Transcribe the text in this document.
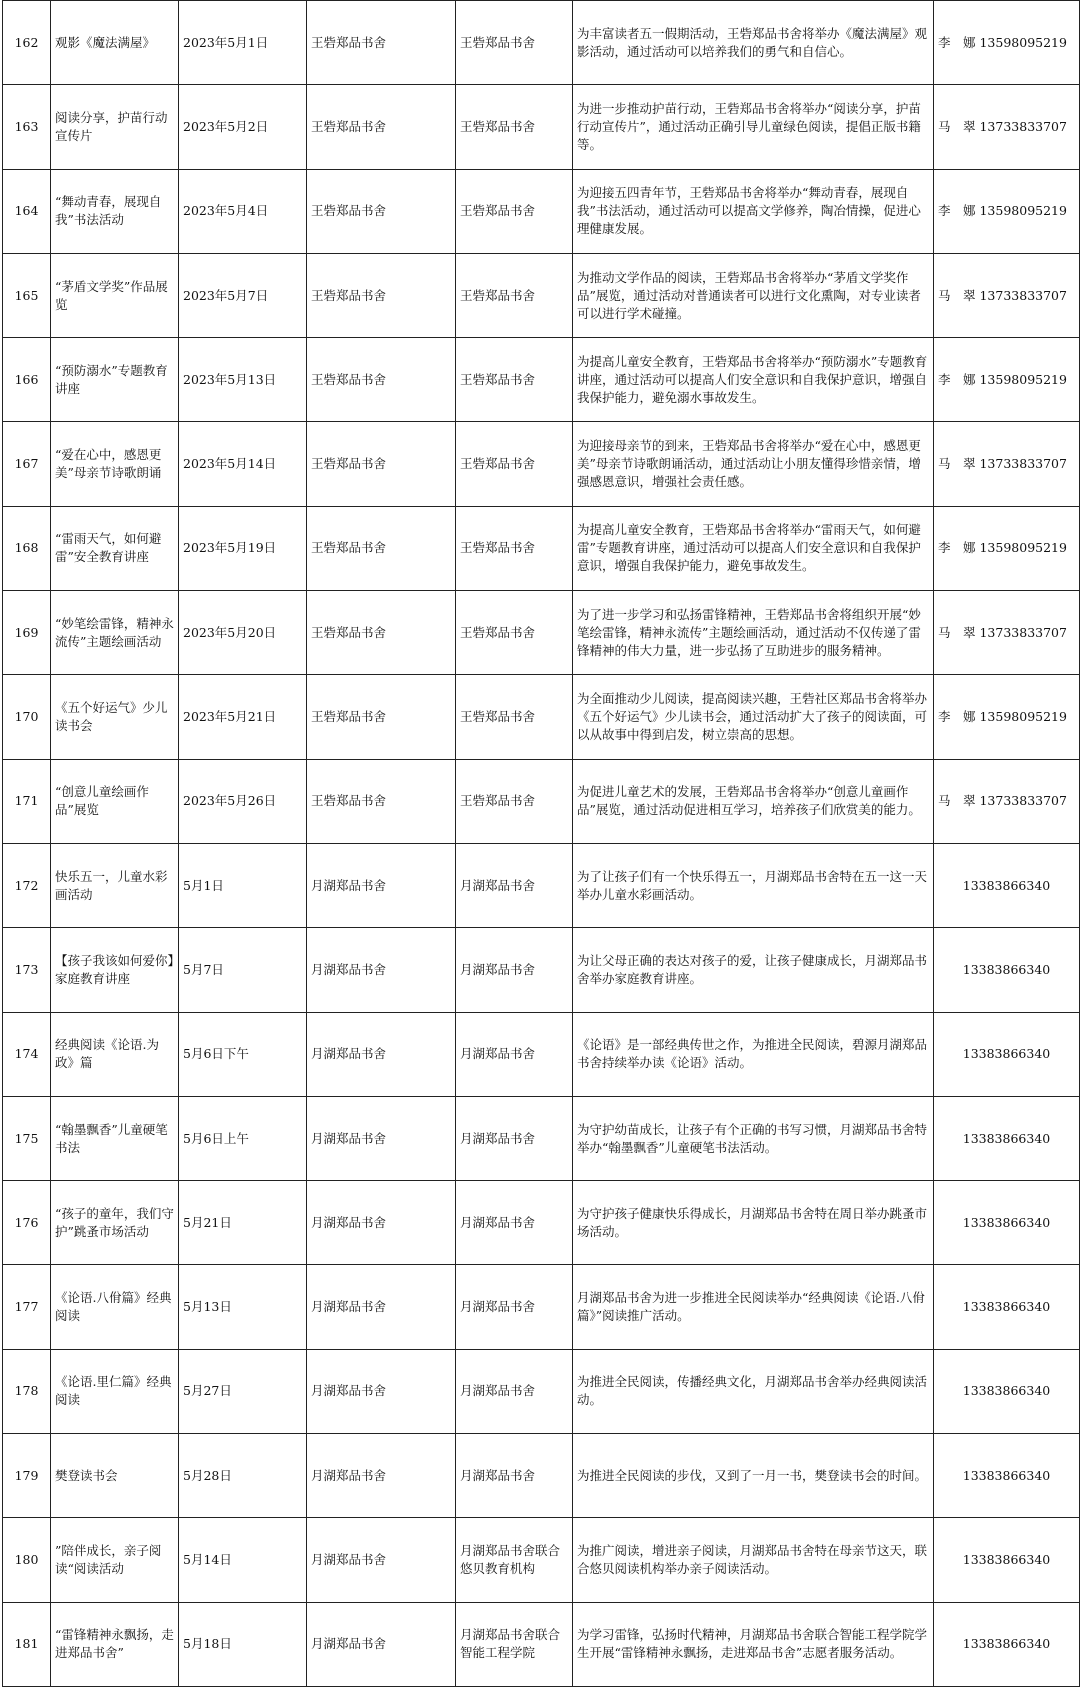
162	观影《魔法满屋》	2023年5月1日	王砦郑品书舍	王砦郑品书舍	为丰富读者五一假期活动，王砦郑品书舍将举办《魔法满屋》观影活动，通过活动可以培养我们的勇气和自信心。	李　娜 13598095219
163	阅读分享，护苗行动宣传片	2023年5月2日	王砦郑品书舍	王砦郑品书舍	为进一步推动护苗行动，王砦郑品书舍将举办“阅读分享，护苗行动宣传片”，通过活动正确引导儿童绿色阅读，提倡正版书籍等。	马　翠 13733833707
164	“舞动青春，展现自我”书法活动	2023年5月4日	王砦郑品书舍	王砦郑品书舍	为迎接五四青年节，王砦郑品书舍将举办“舞动青春，展现自我”书法活动，通过活动可以提高文学修养，陶冶情操，促进心理健康发展。	李　娜 13598095219
165	“茅盾文学奖”作品展览	2023年5月7日	王砦郑品书舍	王砦郑品书舍	为推动文学作品的阅读，王砦郑品书舍将举办“茅盾文学奖作品”展览，通过活动对普通读者可以进行文化熏陶，对专业读者可以进行学术碰撞。	马　翠 13733833707
166	“预防溺水”专题教育讲座	2023年5月13日	王砦郑品书舍	王砦郑品书舍	为提高儿童安全教育，王砦郑品书舍将举办“预防溺水”专题教育讲座，通过活动可以提高人们安全意识和自我保护意识，增强自我保护能力，避免溺水事故发生。	李　娜 13598095219
167	“爱在心中，感恩更美”母亲节诗歌朗诵	2023年5月14日	王砦郑品书舍	王砦郑品书舍	为迎接母亲节的到来，王砦郑品书舍将举办“爱在心中，感恩更美”母亲节诗歌朗诵活动，通过活动让小朋友懂得珍惜亲情，增强感恩意识，增强社会责任感。	马　翠 13733833707
168	“雷雨天气，如何避雷”安全教育讲座	2023年5月19日	王砦郑品书舍	王砦郑品书舍	为提高儿童安全教育，王砦郑品书舍将举办“雷雨天气，如何避雷”专题教育讲座，通过活动可以提高人们安全意识和自我保护意识，增强自我保护能力，避免事故发生。	李　娜 13598095219
169	“妙笔绘雷锋，精神永流传”主题绘画活动	2023年5月20日	王砦郑品书舍	王砦郑品书舍	为了进一步学习和弘扬雷锋精神，王砦郑品书舍将组织开展“妙笔绘雷锋，精神永流传”主题绘画活动，通过活动不仅传递了雷锋精神的伟大力量，进一步弘扬了互助进步的服务精神。	马　翠 13733833707
170	《五个好运气》少儿读书会	2023年5月21日	王砦郑品书舍	王砦郑品书舍	为全面推动少儿阅读，提高阅读兴趣，王砦社区郑品书舍将举办《五个好运气》少儿读书会，通过活动扩大了孩子的阅读面，可以从故事中得到启发，树立崇高的思想。	李　娜 13598095219
171	“创意儿童绘画作品”展览	2023年5月26日	王砦郑品书舍	王砦郑品书舍	为促进儿童艺术的发展，王砦郑品书舍将举办“创意儿童画作品”展览，通过活动促进相互学习，培养孩子们欣赏美的能力。	马　翠 13733833707
172	快乐五一，儿童水彩画活动	5月1日	月湖郑品书舍	月湖郑品书舍	为了让孩子们有一个快乐得五一，月湖郑品书舍特在五一这一天举办儿童水彩画活动。	13383866340
173	【孩子我该如何爱你】家庭教育讲座	5月7日	月湖郑品书舍	月湖郑品书舍	为让父母正确的表达对孩子的爱，让孩子健康成长，月湖郑品书舍举办家庭教育讲座。	13383866340
174	经典阅读《论语.为政》篇	5月6日下午	月湖郑品书舍	月湖郑品书舍	《论语》是一部经典传世之作，为推进全民阅读，碧源月湖郑品书舍持续举办读《论语》活动。	13383866340
175	“翰墨飘香”儿童硬笔书法	5月6日上午	月湖郑品书舍	月湖郑品书舍	为守护幼苗成长，让孩子有个正确的书写习惯，月湖郑品书舍特举办“翰墨飘香”儿童硬笔书法活动。	13383866340
176	“孩子的童年，我们守护”跳蚤市场活动	5月21日	月湖郑品书舍	月湖郑品书舍	为守护孩子健康快乐得成长，月湖郑品书舍特在周日举办跳蚤市场活动。	13383866340
177	《论语.八佾篇》经典阅读	5月13日	月湖郑品书舍	月湖郑品书舍	月湖郑品书舍为进一步推进全民阅读举办“经典阅读《论语.八佾篇》”阅读推广活动。	13383866340
178	《论语.里仁篇》经典阅读	5月27日	月湖郑品书舍	月湖郑品书舍	为推进全民阅读，传播经典文化，月湖郑品书舍举办经典阅读活动。	13383866340
179	樊登读书会	5月28日	月湖郑品书舍	月湖郑品书舍	为推进全民阅读的步伐，又到了一月一书，樊登读书会的时间。	13383866340
180	”陪伴成长，亲子阅读“阅读活动	5月14日	月湖郑品书舍	月湖郑品书舍联合悠贝教育机构	为推广阅读，增进亲子阅读，月湖郑品书舍特在母亲节这天，联合悠贝阅读机构举办亲子阅读活动。	13383866340
181	“雷锋精神永飘扬，走进郑品书舍”	5月18日	月湖郑品书舍	月湖郑品书舍联合智能工程学院	为学习雷锋，弘扬时代精神，月湖郑品书舍联合智能工程学院学生开展“雷锋精神永飘扬，走进郑品书舍”志愿者服务活动。	13383866340
